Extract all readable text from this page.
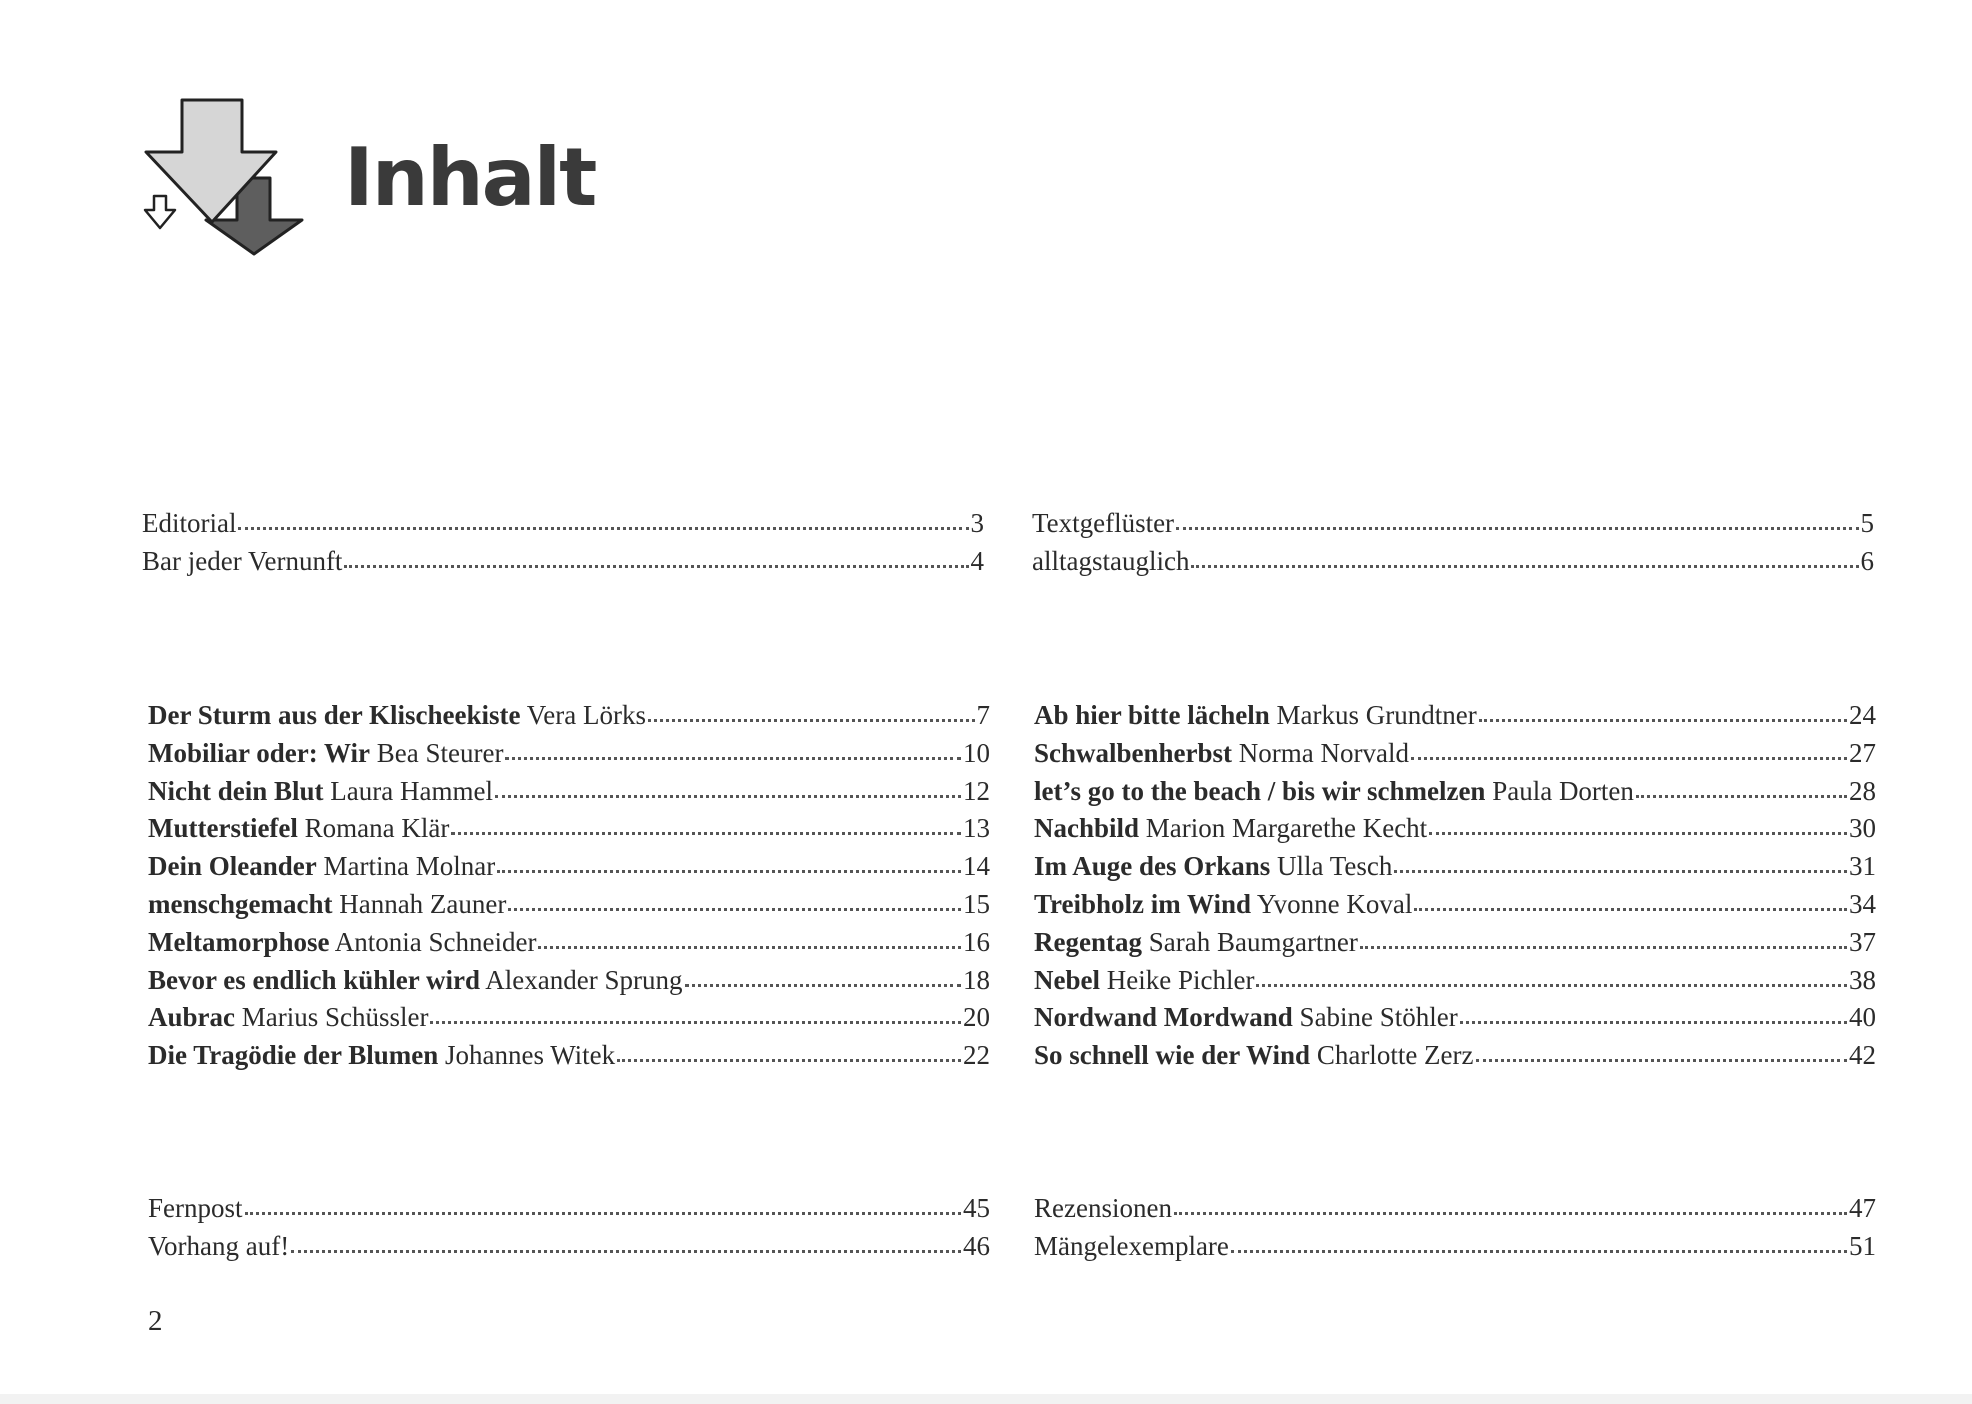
Inhalt
Editorial	3
Bar jeder Vernunft	4
Textgeflüster	5
alltagstauglich	6
Der Sturm aus der Klischeekiste Vera Lörks	7
Mobiliar oder: Wir Bea Steurer	10
Nicht dein Blut Laura Hammel	12
Mutterstiefel Romana Klär	13
Dein Oleander Martina Molnar	14
menschgemacht Hannah Zauner	15
Meltamorphose Antonia Schneider	16
Bevor es endlich kühler wird Alexander Sprung	18
Aubrac Marius Schüssler	20
Die Tragödie der Blumen Johannes Witek	22
Ab hier bitte lächeln Markus Grundtner	24
Schwalbenherbst Norma Norvald	27
let’s go to the beach / bis wir schmelzen Paula Dorten	28
Nachbild Marion Margarethe Kecht	30
Im Auge des Orkans Ulla Tesch	31
Treibholz im Wind Yvonne Koval	34
Regentag Sarah Baumgartner	37
Nebel Heike Pichler	38
Nordwand Mordwand Sabine Stöhler	40
So schnell wie der Wind Charlotte Zerz	42
Fernpost	45
Vorhang auf!	46
Rezensionen	47
Mängelexemplare	51
2
